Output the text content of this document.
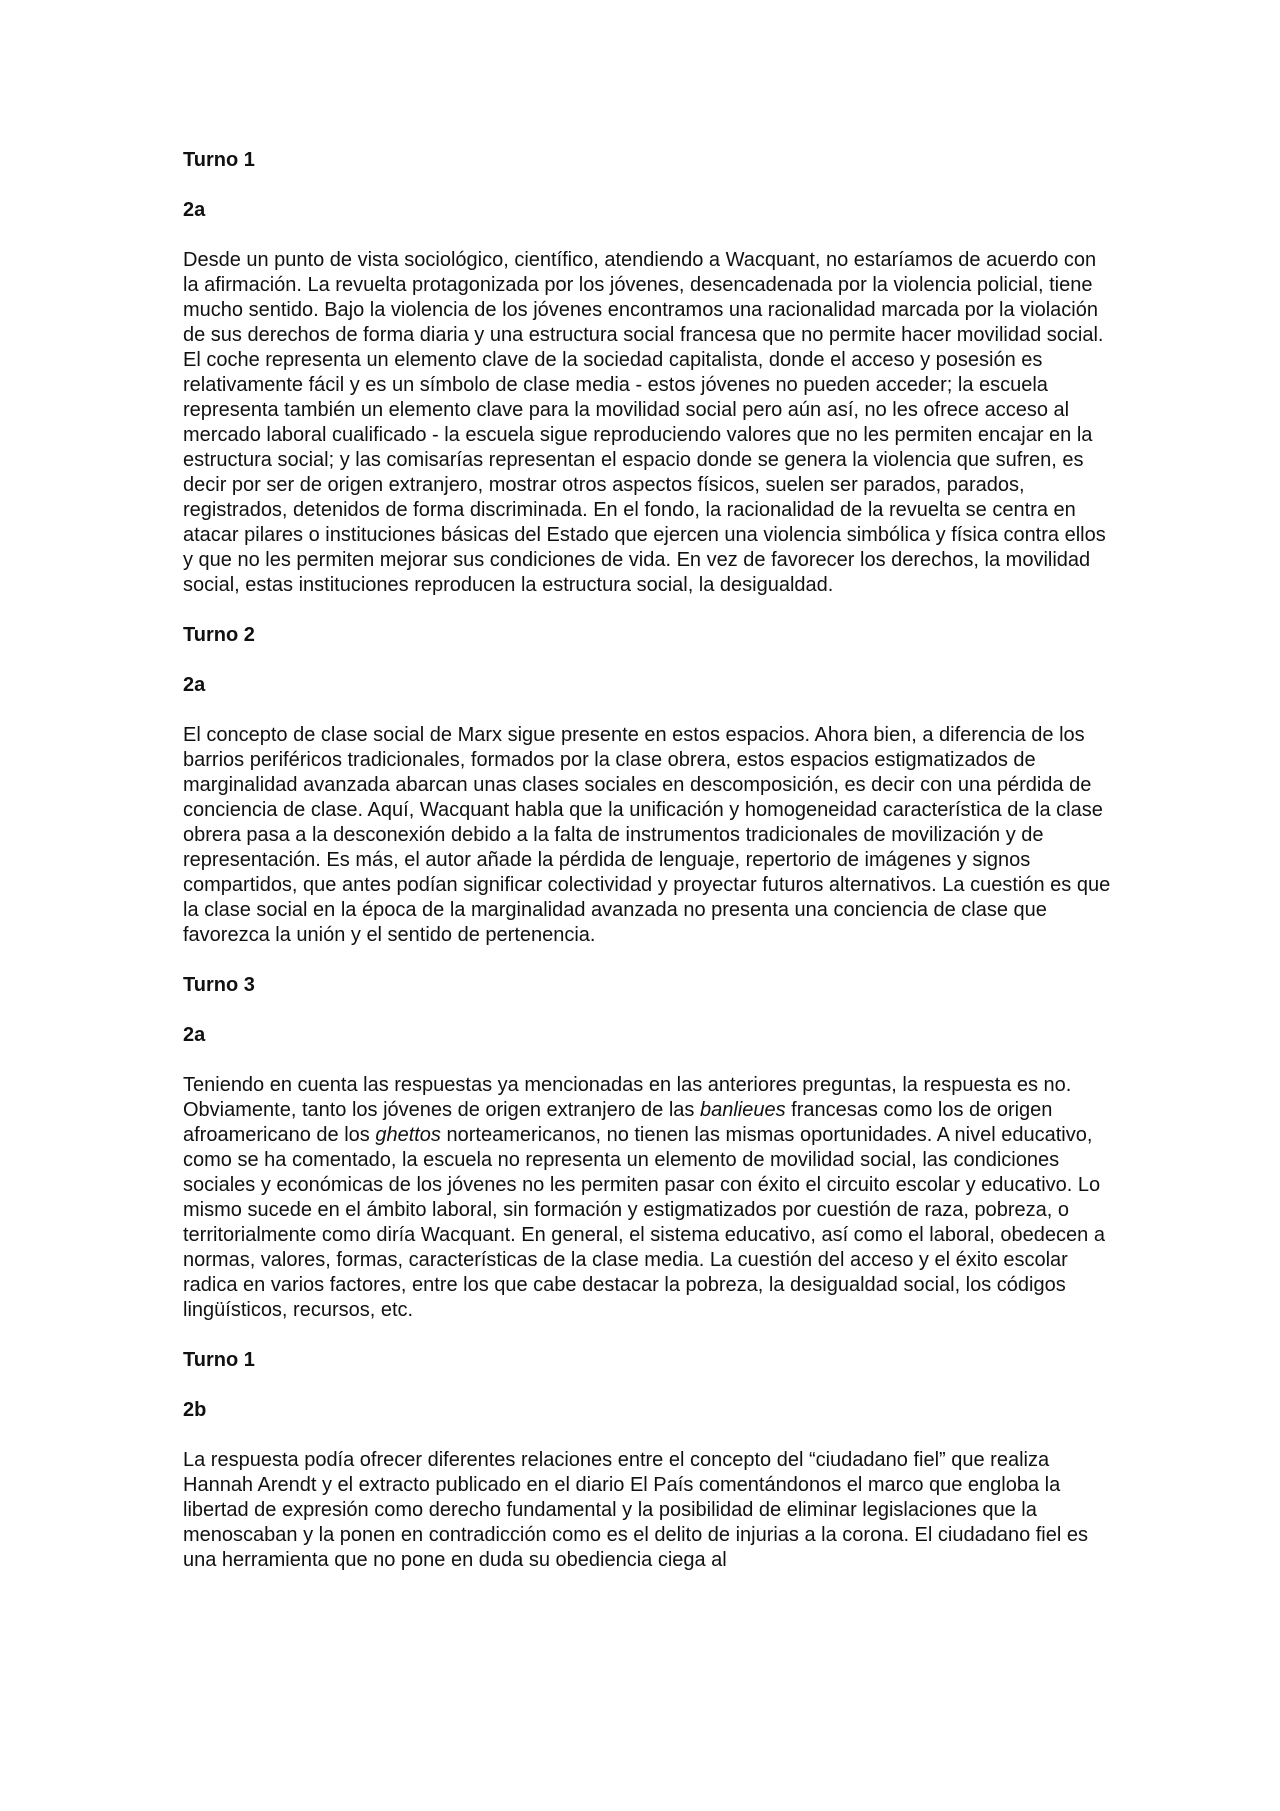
Turno 1

2a

Desde un punto de vista sociológico, científico, atendiendo a Wacquant, no estaríamos de acuerdo con la afirmación. La revuelta protagonizada por los jóvenes, desencadenada por la violencia policial, tiene mucho sentido. Bajo la violencia de los jóvenes encontramos una racionalidad marcada por la violación de sus derechos de forma diaria y una estructura social francesa que no permite hacer movilidad social. El coche representa un elemento clave de la sociedad capitalista, donde el acceso y posesión es relativamente fácil y es un símbolo de clase media - estos jóvenes no pueden acceder; la escuela representa también un elemento clave para la movilidad social pero aún así, no les ofrece acceso al mercado laboral cualificado - la escuela sigue reproduciendo valores que no les permiten encajar en la estructura social; y las comisarías representan el espacio donde se genera la violencia que sufren, es decir por ser de origen extranjero, mostrar otros aspectos físicos, suelen ser parados, parados, registrados, detenidos de forma discriminada. En el fondo, la racionalidad de la revuelta se centra en atacar pilares o instituciones básicas del Estado que ejercen una violencia simbólica y física contra ellos y que no les permiten mejorar sus condiciones de vida. En vez de favorecer los derechos, la movilidad social, estas instituciones reproducen la estructura social, la desigualdad.

Turno 2

2a

El concepto de clase social de Marx sigue presente en estos espacios. Ahora bien, a diferencia de los barrios periféricos tradicionales, formados por la clase obrera, estos espacios estigmatizados de marginalidad avanzada abarcan unas clases sociales en descomposición, es decir con una pérdida de conciencia de clase. Aquí, Wacquant habla que la unificación y homogeneidad característica de la clase obrera pasa a la desconexión debido a la falta de instrumentos tradicionales de movilización y de representación. Es más, el autor añade la pérdida de lenguaje, repertorio de imágenes y signos compartidos, que antes podían significar colectividad y proyectar futuros alternativos. La cuestión es que la clase social en la época de la marginalidad avanzada no presenta una conciencia de clase que favorezca la unión y el sentido de pertenencia.

Turno 3

2a

Teniendo en cuenta las respuestas ya mencionadas en las anteriores preguntas, la respuesta es no. Obviamente, tanto los jóvenes de origen extranjero de las banlieues francesas como los de origen afroamericano de los ghettos norteamericanos, no tienen las mismas oportunidades. A nivel educativo, como se ha comentado, la escuela no representa un elemento de movilidad social, las condiciones sociales y económicas de los jóvenes no les permiten pasar con éxito el circuito escolar y educativo. Lo mismo sucede en el ámbito laboral, sin formación y estigmatizados por cuestión de raza, pobreza, o territorialmente como diría Wacquant. En general, el sistema educativo, así como el laboral, obedecen a normas, valores, formas, características de la clase media. La cuestión del acceso y el éxito escolar radica en varios factores, entre los que cabe destacar la pobreza, la desigualdad social, los códigos lingüísticos, recursos, etc.

Turno 1

2b

La respuesta podía ofrecer diferentes relaciones entre el concepto del “ciudadano fiel” que realiza Hannah Arendt y el extracto publicado en el diario El País comentándonos el marco que engloba la libertad de expresión como derecho fundamental y la posibilidad de eliminar legislaciones que la menoscaban y la ponen en contradicción como es el delito de injurias a la corona. El ciudadano fiel es una herramienta que no pone en duda su obediencia ciega al
